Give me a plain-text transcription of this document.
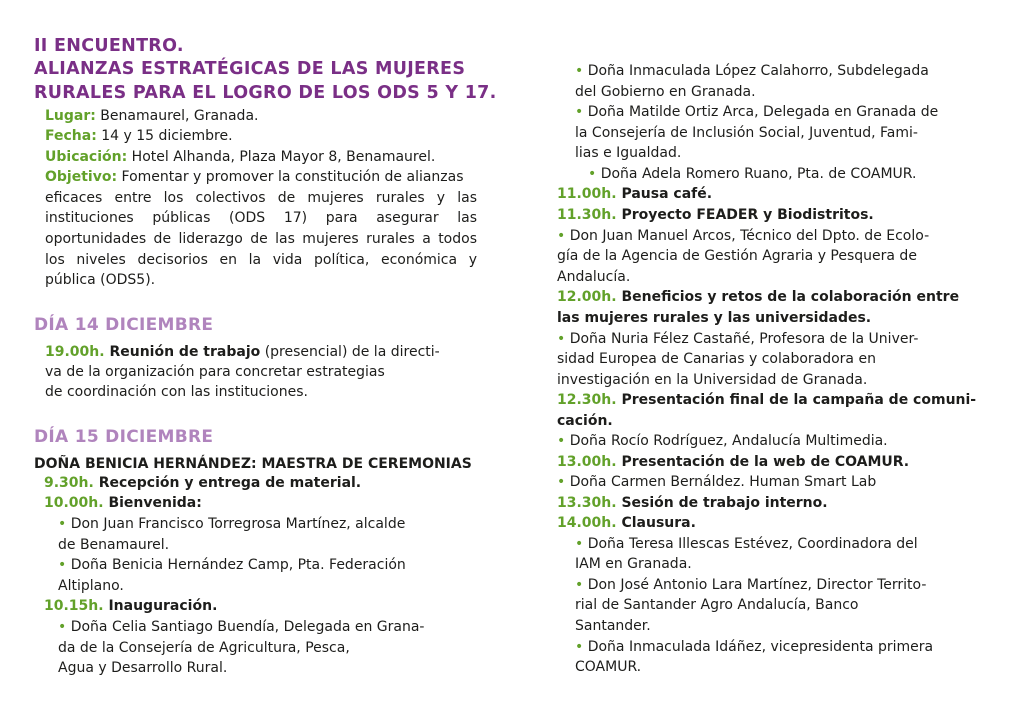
II ENCUENTRO.
ALIANZAS ESTRATÉGICAS DE LAS MUJERES
RURALES PARA EL LOGRO DE LOS ODS 5 Y 17.
Lugar: Benamaurel, Granada.
Fecha: 14 y 15 diciembre.
Ubicación: Hotel Alhanda, Plaza Mayor 8, Benamaurel.
Objetivo: Fomentar y promover la constitución de alianzas
eficaces entre los colectivos de mujeres rurales y las
instituciones públicas (ODS 17) para asegurar las
oportunidades de liderazgo de las mujeres rurales a todos
los niveles decisorios en la vida política, económica y
pública (ODS5).
DÍA 14 DICIEMBRE
19.00h. Reunión de trabajo (presencial) de la directi-
va de la organización para concretar estrategias
de coordinación con las instituciones.
DÍA 15 DICIEMBRE
DOÑA BENICIA HERNÁNDEZ: MAESTRA DE CEREMONIAS
9.30h. Recepción y entrega de material.
10.00h. Bienvenida:
• Don Juan Francisco Torregrosa Martínez, alcalde
de Benamaurel.
• Doña Benicia Hernández Camp, Pta. Federación
Altiplano.
10.15h. Inauguración.
• Doña Celia Santiago Buendía, Delegada en Grana-
da de la Consejería de Agricultura, Pesca,
Agua y Desarrollo Rural.
• Doña Inmaculada López Calahorro, Subdelegada
del Gobierno en Granada.
• Doña Matilde Ortiz Arca, Delegada en Granada de
la Consejería de Inclusión Social, Juventud, Fami-
lias e Igualdad.
• Doña Adela Romero Ruano, Pta. de COAMUR.
11.00h. Pausa café.
11.30h. Proyecto FEADER y Biodistritos.
• Don Juan Manuel Arcos, Técnico del Dpto. de Ecolo-
gía de la Agencia de Gestión Agraria y Pesquera de
Andalucía.
12.00h. Beneficios y retos de la colaboración entre
las mujeres rurales y las universidades.
• Doña Nuria Félez Castañé, Profesora de la Univer-
sidad Europea de Canarias y colaboradora en
investigación en la Universidad de Granada.
12.30h. Presentación final de la campaña de comuni-
cación.
• Doña Rocío Rodríguez, Andalucía Multimedia.
13.00h. Presentación de la web de COAMUR.
• Doña Carmen Bernáldez. Human Smart Lab
13.30h. Sesión de trabajo interno.
14.00h. Clausura.
• Doña Teresa Illescas Estévez, Coordinadora del
IAM en Granada.
• Don José Antonio Lara Martínez, Director Territo-
rial de Santander Agro Andalucía, Banco
Santander.
• Doña Inmaculada Idáñez, vicepresidenta primera
COAMUR.
